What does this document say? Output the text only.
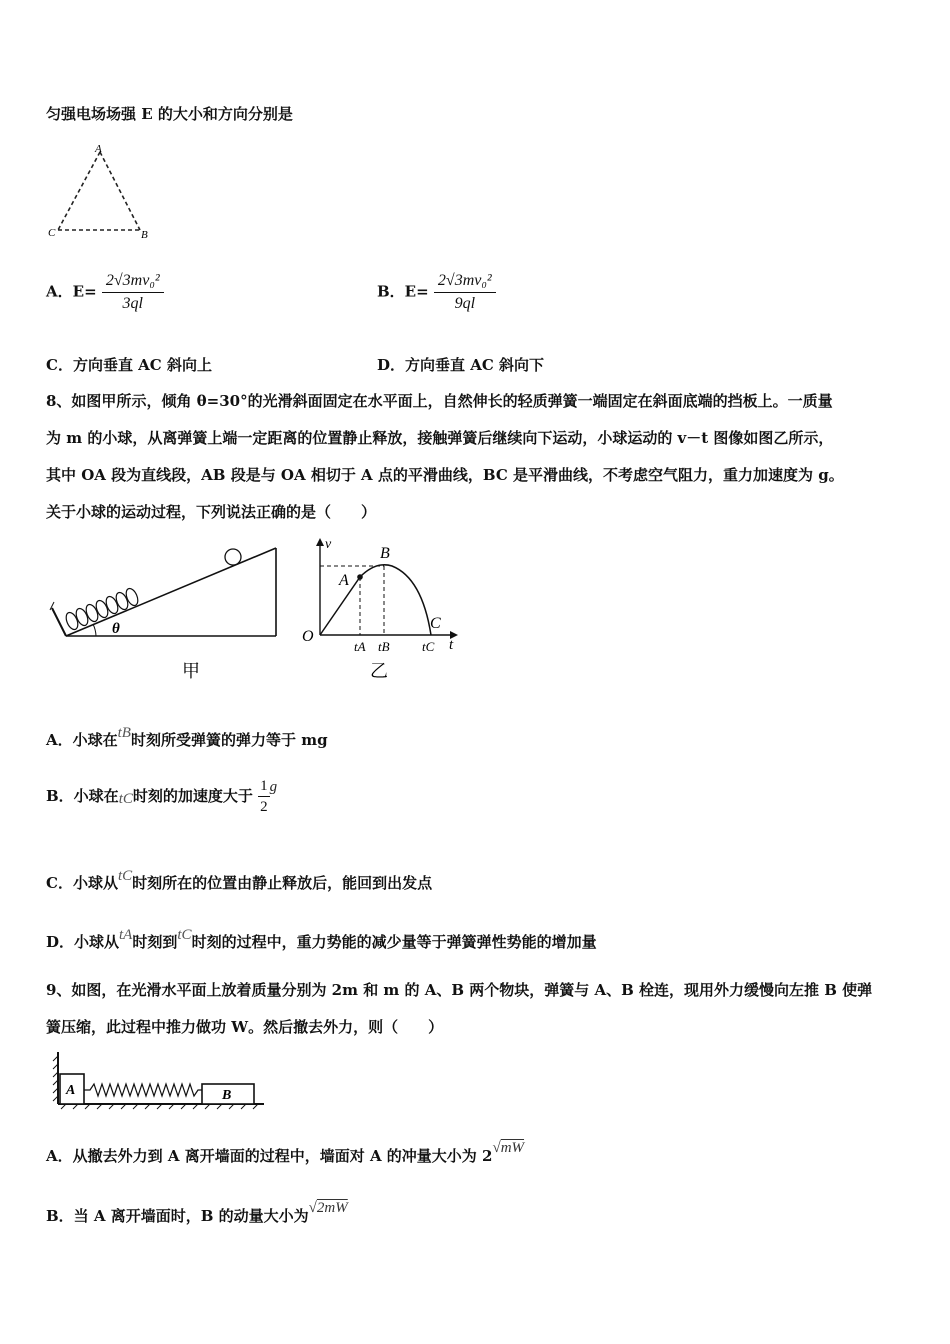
匀强电场场强 E 的大小和方向分别是
A
C	B
A．$E= \frac{\text{2√3mv₀²}}{3ql}$	B．$E= \frac{\text{2√3mv₀²}}{9ql}$
C．方向垂直 AC 斜向上	D．方向垂直 AC 斜向下
8、如图甲所示，倾角 θ=30°的光滑斜面固定在水平面上，自然伸长的轻质弹簧一端固定在斜面底端的挡板上。一质量
为 m 的小球，从离弹簧上端一定距离的位置静止释放，接触弹簧后继续向下运动，小球运动的 v－t 图像如图乙所示，
其中 OA 段为直线段，AB 段是与 OA 相切于 A 点的平滑曲线，BC 是平滑曲线，不考虑空气阻力，重力加速度为 g。
关于小球的运动过程，下列说法正确的是（　　）
θ
甲
v
t
O
A
B
C
tA tB tC
乙
A．小球在tB时刻所受弹簧的弹力等于 mg
B．小球在tC时刻的加速度大于 $\frac{1}{2}$ g
C．小球从tC时刻所在的位置由静止释放后，能回到出发点
D．小球从tA时刻到tC时刻的过程中，重力势能的减少量等于弹簧弹性势能的增加量
9、如图，在光滑水平面上放着质量分别为 2m 和 m 的 A、B 两个物块，弹簧与 A、B 栓连，现用外力缓慢向左推 B 使弹
簧压缩，此过程中推力做功 W。然后撤去外力，则（　　）
A	B
A．从撤去外力到 A 离开墙面的过程中，墙面对 A 的冲量大小为 2√mW
B．当 A 离开墙面时，B 的动量大小为√2mW
